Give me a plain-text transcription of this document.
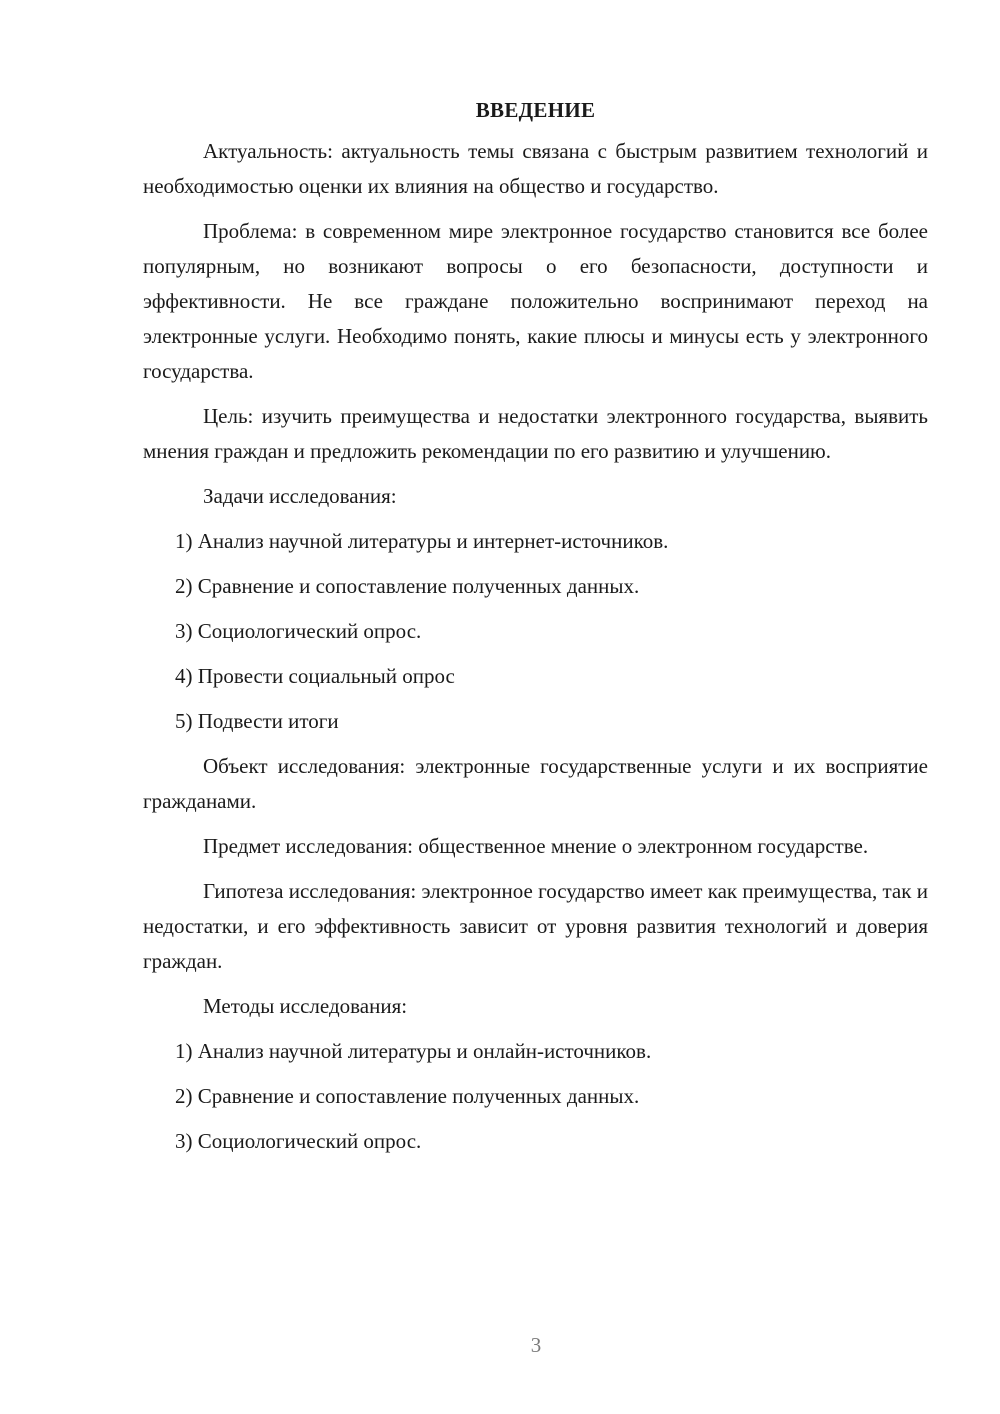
ВВЕДЕНИЕ

Актуальность: актуальность темы связана с быстрым развитием технологий и необходимостью оценки их влияния на общество и государство.

Проблема: в современном мире электронное государство становится все более популярным, но возникают вопросы о его безопасности, доступности и эффективности. Не все граждане положительно воспринимают переход на электронные услуги. Необходимо понять, какие плюсы и минусы есть у электронного государства.

Цель: изучить преимущества и недостатки электронного государства, выявить мнения граждан и предложить рекомендации по его развитию и улучшению.

Задачи исследования:

1) Анализ научной литературы и интернет-источников.
2) Сравнение и сопоставление полученных данных.
3) Социологический опрос.
4) Провести социальный опрос
5) Подвести итоги

Объект исследования: электронные государственные услуги и их восприятие гражданами.

Предмет исследования: общественное мнение о электронном государстве.

Гипотеза исследования: электронное государство имеет как преимущества, так и недостатки, и его эффективность зависит от уровня развития технологий и доверия граждан.

Методы исследования:

1) Анализ научной литературы и онлайн-источников.
2) Сравнение и сопоставление полученных данных.
3) Социологический опрос.
3
